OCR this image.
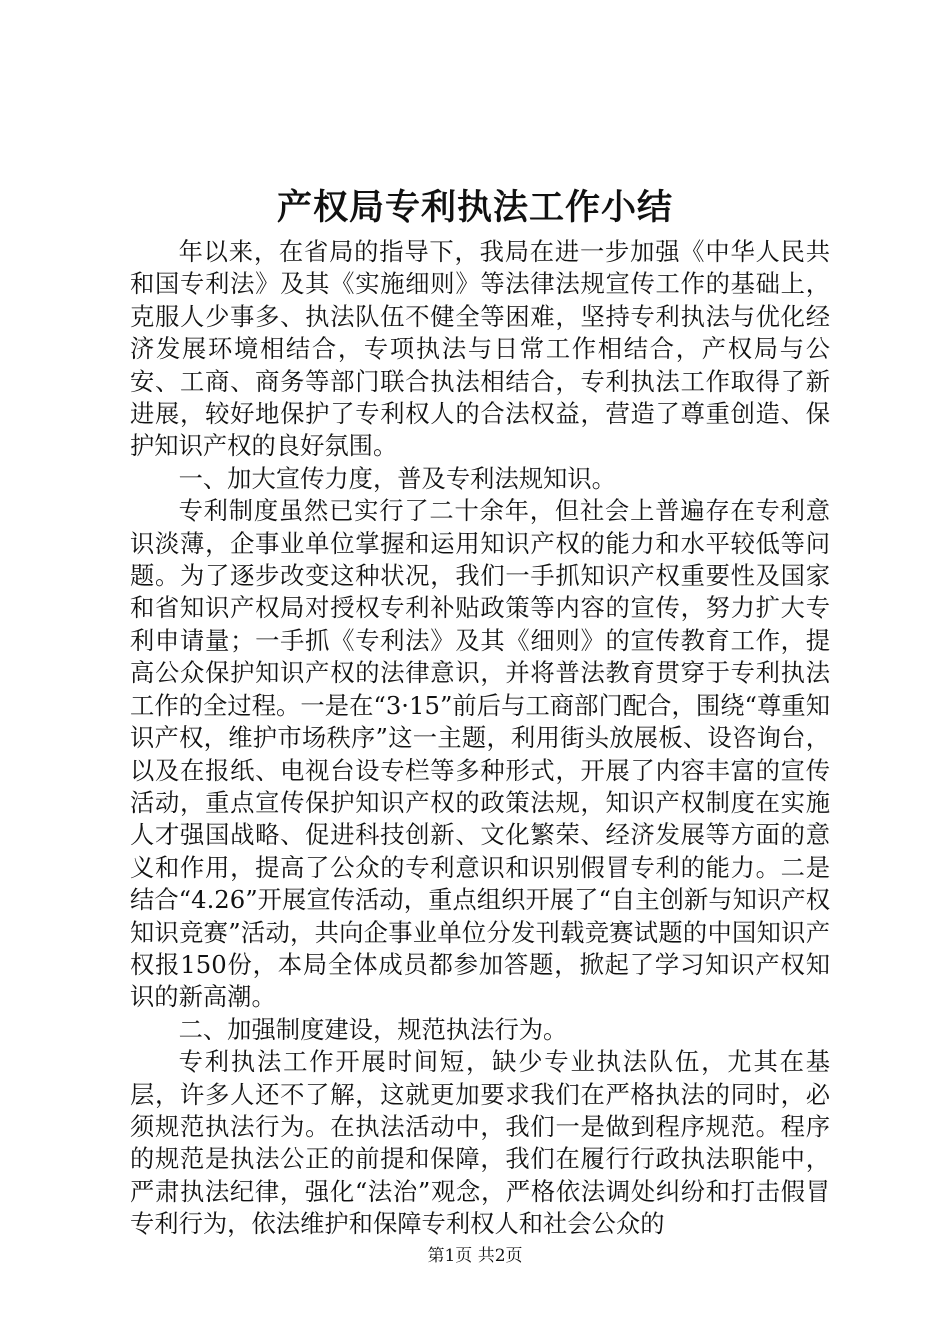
产权局专利执法工作小结

年以来，在省局的指导下，我局在进一步加强《中华人民共和国专利法》及其《实施细则》等法律法规宣传工作的基础上，克服人少事多、执法队伍不健全等困难，坚持专利执法与优化经济发展环境相结合，专项执法与日常工作相结合，产权局与公安、工商、商务等部门联合执法相结合，专利执法工作取得了新进展，较好地保护了专利权人的合法权益，营造了尊重创造、保护知识产权的良好氛围。

一、加大宣传力度，普及专利法规知识。

专利制度虽然已实行了二十余年，但社会上普遍存在专利意识淡薄，企事业单位掌握和运用知识产权的能力和水平较低等问题。为了逐步改变这种状况，我们一手抓知识产权重要性及国家和省知识产权局对授权专利补贴政策等内容的宣传，努力扩大专利申请量；一手抓《专利法》及其《细则》的宣传教育工作，提高公众保护知识产权的法律意识，并将普法教育贯穿于专利执法工作的全过程。一是在“3·15”前后与工商部门配合，围绕“尊重知识产权，维护市场秩序”这一主题，利用街头放展板、设咨询台，以及在报纸、电视台设专栏等多种形式，开展了内容丰富的宣传活动，重点宣传保护知识产权的政策法规，知识产权制度在实施人才强国战略、促进科技创新、文化繁荣、经济发展等方面的意义和作用，提高了公众的专利意识和识别假冒专利的能力。二是结合“4.26”开展宣传活动，重点组织开展了“自主创新与知识产权知识竞赛”活动，共向企事业单位分发刊载竞赛试题的中国知识产权报150份，本局全体成员都参加答题，掀起了学习知识产权知识的新高潮。

二、加强制度建设，规范执法行为。

专利执法工作开展时间短，缺少专业执法队伍，尤其在基层，许多人还不了解，这就更加要求我们在严格执法的同时，必须规范执法行为。在执法活动中，我们一是做到程序规范。程序的规范是执法公正的前提和保障，我们在履行行政执法职能中，严肃执法纪律，强化“法治”观念，严格依法调处纠纷和打击假冒专利行为，依法维护和保障专利权人和社会公众的

第1页 共2页
